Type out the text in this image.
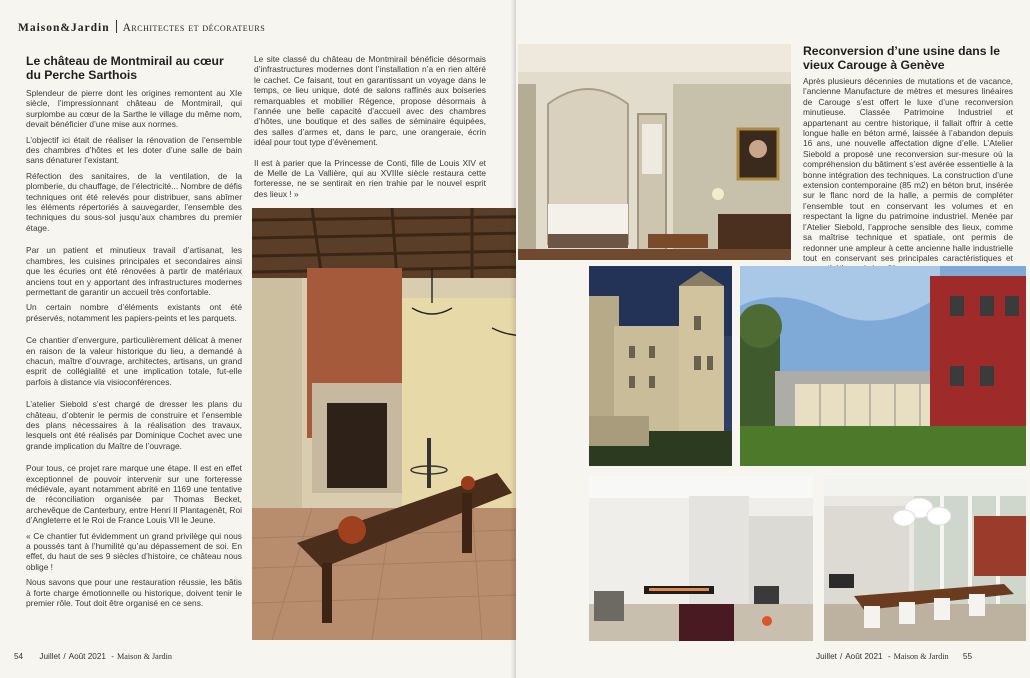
Maison&Jardin Architectes et décorateurs
Le château de Montmirail au cœur du Perche Sarthois

Splendeur de pierre dont les origines remontent au XIe siècle, l’impressionnant château de Montmirail, qui surplombe au cœur de la Sarthe le village du même nom, devait bénéficier d’une mise aux normes.

L’objectif ici était de réaliser la rénovation de l’ensemble des chambres d’hôtes et les doter d’une salle de bain sans dénaturer l’existant.

Réfection des sanitaires, de la ventilation, de la plomberie, du chauffage, de l’électricité... Nombre de défis techniques ont été relevés pour distribuer, sans abîmer les éléments répertoriés à sauvegarder, l’ensemble des techniques du sous-sol jusqu’aux chambres du premier étage.

Par un patient et minutieux travail d’artisanat, les chambres, les cuisines principales et secondaires ainsi que les écuries ont été rénovées à partir de matériaux anciens tout en y apportant des infrastructures modernes permettant de garantir un accueil très confortable.

Un certain nombre d’éléments existants ont été préservés, notamment les papiers-peints et les parquets.

Ce chantier d’envergure, particulièrement délicat à mener en raison de la valeur historique du lieu, a demandé à chacun, maître d’ouvrage, architectes, artisans, un grand esprit de collégialité et une implication totale, fut-elle parfois à distance via visioconférences.

L’atelier Siebold s’est chargé de dresser les plans du château, d’obtenir le permis de construire et l’ensemble des plans nécessaires à la réalisation des travaux, lesquels ont été réalisés par Dominique Cochet avec une grande implication du Maître de l’ouvrage.

Pour tous, ce projet rare marque une étape. Il est en effet exceptionnel de pouvoir intervenir sur une forteresse médiévale, ayant notamment abrité en 1169 une tentative de réconciliation organisée par Thomas Becket, archevêque de Canterbury, entre Henri II Plantagenêt, Roi d’Angleterre et le Roi de France Louis VII le Jeune.

« Ce chantier fut évidemment un grand privilège qui nous a poussés tant à l’humilité qu’au dépassement de soi. En effet, du haut de ses 9 siècles d’histoire, ce château nous oblige !

Nous savons que pour une restauration réussie, les bâtis à forte charge émotionnelle ou historique, doivent tenir le premier rôle. Tout doit être organisé en ce sens.

Le site classé du château de Montmirail bénéficie désormais d’infrastructures modernes dont l’installation n’a en rien altéré le cachet. Ce faisant, tout en garantissant un voyage dans le temps, ce lieu unique, doté de salons raffinés aux boiseries remarquables et mobilier Régence, propose désormais à l’année une belle capacité d’accueil avec des chambres d’hôtes, une boutique et des salles de séminaire équipées, des salles d’armes et, dans le parc, une orangeraie, écrin idéal pour tout type d’évènement.

Il est à parier que la Princesse de Conti, fille de Louis XIV et de Melle de La Vallière, qui au XVIIIe siècle restaura cette forteresse, ne se sentirait en rien trahie par le nouvel esprit des lieux ! »

54 Juillet / Août 2021 - Maison & Jardin
Reconversion d’une usine dans le vieux Carouge à Genève

Après plusieurs décennies de mutations et de vacance, l’ancienne Manufacture de mètres et mesures linéaires de Carouge s’est offert le luxe d’une reconversion minutieuse. Classée Patrimoine Industriel et appartenant au centre historique, il fallait offrir à cette longue halle en béton armé, laissée à l’abandon depuis 16 ans, une nouvelle affectation digne d’elle. L’Atelier Siebold a proposé une reconversion sur-mesure où la compréhension du bâtiment s’est avérée essentielle à la bonne intégration des techniques. La construction d’une extension contemporaine (85 m2) en béton brut, insérée sur le flanc nord de la halle, a permis de compléter l’ensemble tout en conservant les volumes et en respectant la ligne du patrimoine industriel. Menée par l’Atelier Siebold, l’approche sensible des lieux, comme sa maîtrise technique et spatiale, ont permis de redonner une ampleur à cette ancienne halle industrielle tout en conservant ses principales caractéristiques et

Juillet / Août 2021 - Maison & Jardin 55
